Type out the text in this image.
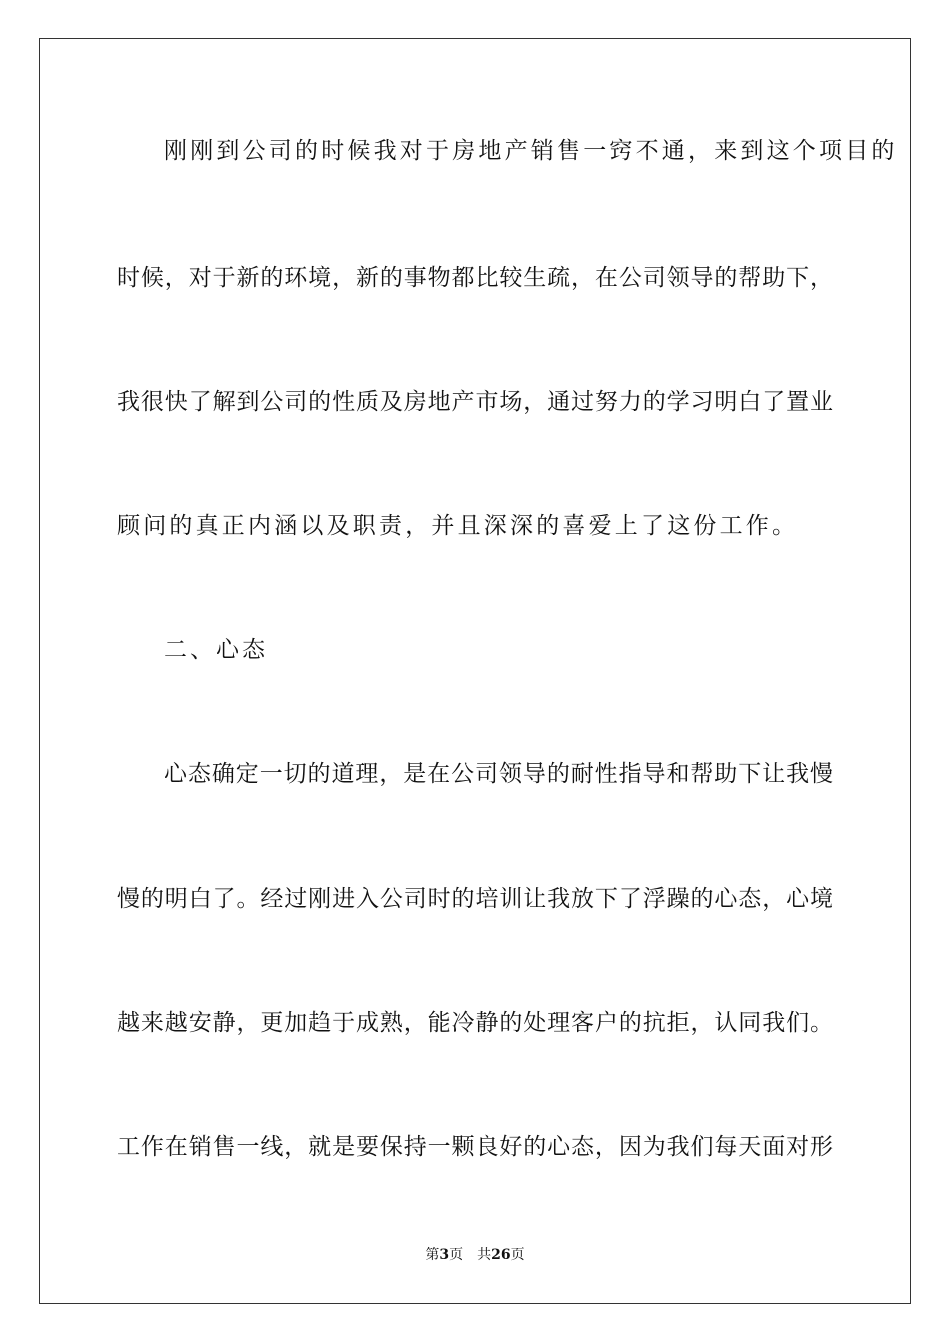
刚刚到公司的时候我对于房地产销售一窍不通，来到这个项目的
时候，对于新的环境，新的事物都比较生疏，在公司领导的帮助下，
我很快了解到公司的性质及房地产市场，通过努力的学习明白了置业
顾问的真正内涵以及职责，并且深深的喜爱上了这份工作。
二、心态
心态确定一切的道理，是在公司领导的耐性指导和帮助下让我慢
慢的明白了。经过刚进入公司时的培训让我放下了浮躁的心态，心境
越来越安静，更加趋于成熟，能冷静的处理客户的抗拒，认同我们。
工作在销售一线，就是要保持一颗良好的心态，因为我们每天面对形
第3页 共26页
